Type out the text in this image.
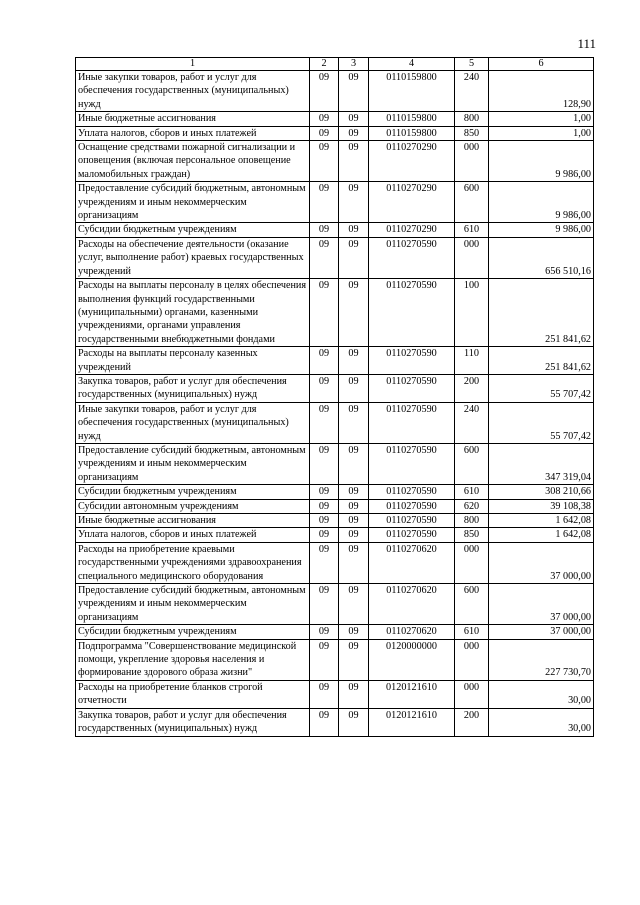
111
1	2	3	4	5	6
Иные закупки товаров, работ и услуг для обеспечения государственных (муниципальных) нужд	09	09	0110159800	240	128,90
Иные бюджетные ассигнования	09	09	0110159800	800	1,00
Уплата налогов, сборов и иных платежей	09	09	0110159800	850	1,00
Оснащение средствами пожарной сигнализации и оповещения (включая персональное оповещение маломобильных граждан)	09	09	0110270290	000	9 986,00
Предоставление субсидий бюджетным, автономным учреждениям и иным некоммерческим организациям	09	09	0110270290	600	9 986,00
Субсидии бюджетным учреждениям	09	09	0110270290	610	9 986,00
Расходы на обеспечение деятельности (оказание услуг, выполнение работ) краевых государственных учреждений	09	09	0110270590	000	656 510,16
Расходы на выплаты персоналу в целях обеспечения выполнения функций государственными (муниципальными) органами, казенными учреждениями, органами управления государственными внебюджетными фондами	09	09	0110270590	100	251 841,62
Расходы на выплаты персоналу казенных учреждений	09	09	0110270590	110	251 841,62
Закупка товаров, работ и услуг для обеспечения государственных (муниципальных) нужд	09	09	0110270590	200	55 707,42
Иные закупки товаров, работ и услуг для обеспечения государственных (муниципальных) нужд	09	09	0110270590	240	55 707,42
Предоставление субсидий бюджетным, автономным учреждениям и иным некоммерческим организациям	09	09	0110270590	600	347 319,04
Субсидии бюджетным учреждениям	09	09	0110270590	610	308 210,66
Субсидии автономным учреждениям	09	09	0110270590	620	39 108,38
Иные бюджетные ассигнования	09	09	0110270590	800	1 642,08
Уплата налогов, сборов и иных платежей	09	09	0110270590	850	1 642,08
Расходы на приобретение краевыми государственными учреждениями здравоохранения специального медицинского оборудования	09	09	0110270620	000	37 000,00
Предоставление субсидий бюджетным, автономным учреждениям и иным некоммерческим организациям	09	09	0110270620	600	37 000,00
Субсидии бюджетным учреждениям	09	09	0110270620	610	37 000,00
Подпрограмма "Совершенствование медицинской помощи, укрепление здоровья населения и формирование здорового образа жизни"	09	09	0120000000	000	227 730,70
Расходы на приобретение бланков строгой отчетности	09	09	0120121610	000	30,00
Закупка товаров, работ и услуг для обеспечения государственных (муниципальных) нужд	09	09	0120121610	200	30,00
